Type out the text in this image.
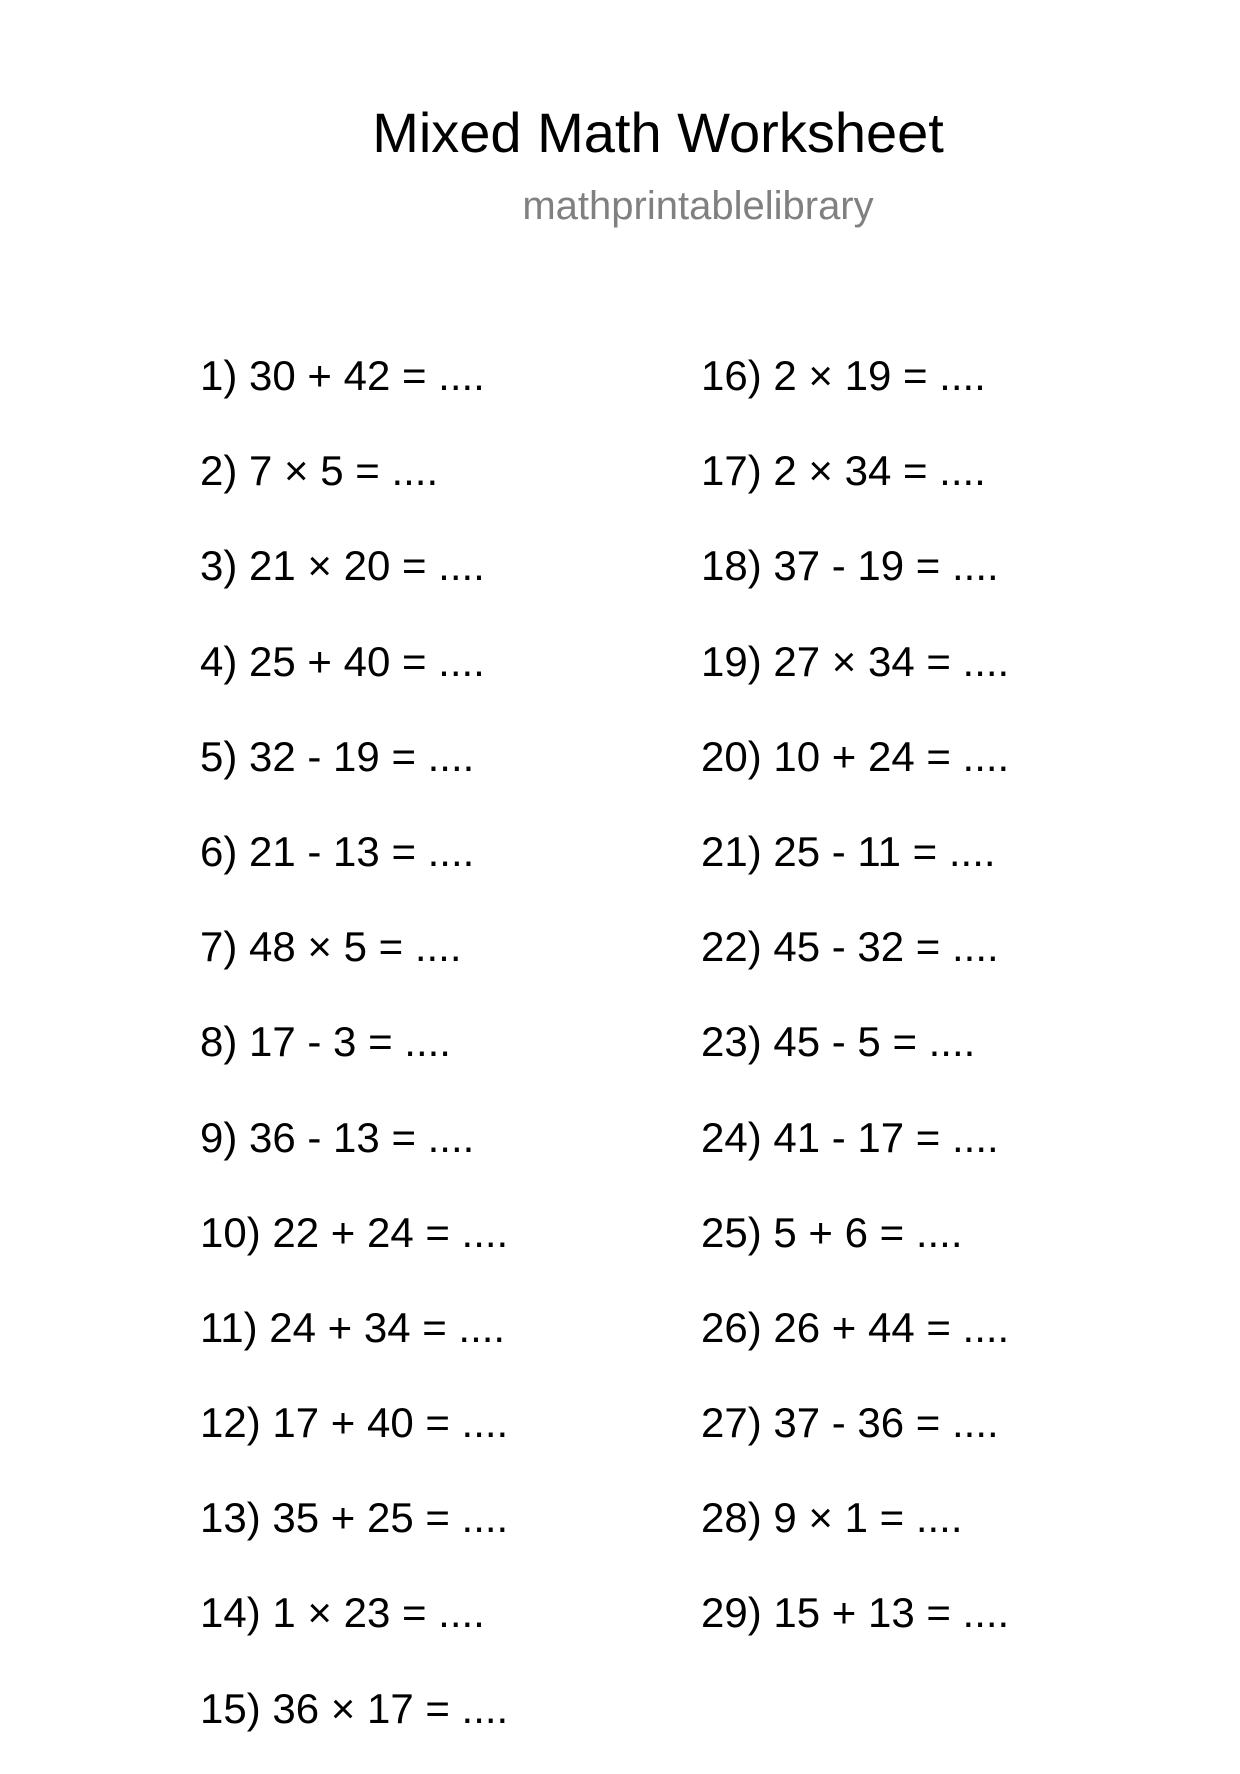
Mixed Math Worksheet
mathprintablelibrary
1) 30 + 42 = ....
2) 7 × 5 = ....
3) 21 × 20 = ....
4) 25 + 40 = ....
5) 32 - 19 = ....
6) 21 - 13 = ....
7) 48 × 5 = ....
8) 17 - 3 = ....
9) 36 - 13 = ....
10) 22 + 24 = ....
11) 24 + 34 = ....
12) 17 + 40 = ....
13) 35 + 25 = ....
14) 1 × 23 = ....
15) 36 × 17 = ....
16) 2 × 19 = ....
17) 2 × 34 = ....
18) 37 - 19 = ....
19) 27 × 34 = ....
20) 10 + 24 = ....
21) 25 - 11 = ....
22) 45 - 32 = ....
23) 45 - 5 = ....
24) 41 - 17 = ....
25) 5 + 6 = ....
26) 26 + 44 = ....
27) 37 - 36 = ....
28) 9 × 1 = ....
29) 15 + 13 = ....
